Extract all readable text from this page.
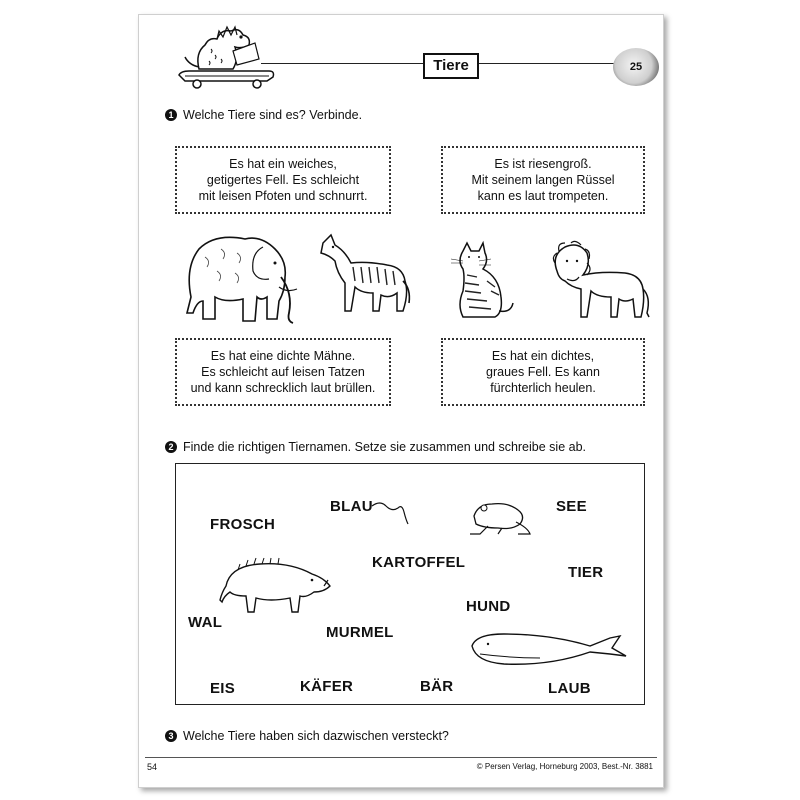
Tiere	25
1 Welche Tiere sind es? Verbinde.
Es hat ein weiches,
getigertes Fell. Es schleicht
mit leisen Pfoten und schnurrt.
Es ist riesengroß.
Mit seinem langen Rüssel
kann es laut trompeten.
Es hat eine dichte Mähne.
Es schleicht auf leisen Tatzen
und kann schrecklich laut brüllen.
Es hat ein dichtes,
graues Fell. Es kann
fürchterlich heulen.
2 Finde die richtigen Tiernamen. Setze sie zusammen und schreibe sie ab.
FROSCH
BLAU	SEE
KARTOFFEL
TIER
HUND
WAL
MURMEL
EIS	KÄFER	BÄR	LAUB
3 Welche Tiere haben sich dazwischen versteckt?
54	© Persen Verlag, Horneburg 2003, Best.-Nr. 3881
